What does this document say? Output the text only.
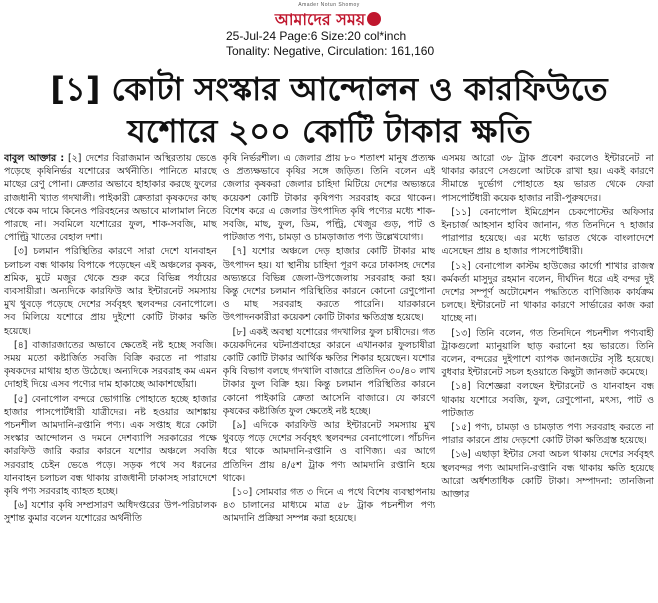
Amader Notun Shomoy
আমাদের সময়
25-Jul-24 Page:6 Size:20 col*inch
Tonality: Negative, Circulation: 161,160
[১] কোটা সংস্কার আন্দোলন ও কারফিউতে
যশোরে ২০০ কোটি টাকার ক্ষতি

বাবুল আক্তার : [২] দেশের বিরাজমান অস্থিরতায় ভেঙে পড়েছে কৃষিনির্ভর যশোরের অর্থনীতি। পানিতে মারছে মাছের রেণু পোনা। ক্রেতার অভাবে হাহাকার করছে ফুলের রাজধানী খ্যাত গদখালী। পাইকারী ক্রেতারা কৃষকদের কাছ থেকে কম দামে কিনেও পরিবহনের অভাবে মালামাল নিতে পারছে না। সবমিলে যশোরের ফুল, শাক-সবজি, মাছ পোল্ট্রি খাতের বেহাল দশা।

[৩] চলমান পরিস্থিতির কারণে সারা দেশে যানবাহন চলাচল বন্ধ থাকায় বিপাকে পড়েছেন এই অঞ্চলের কৃষক, শ্রমিক, মুটে মজুর থেকে শুরু করে বিভিন্ন পর্যায়ের ব্যবসায়ীরা। অন্যদিকে কারফিউ আর ইন্টারনেট সমস্যায় মুখ থুবড়ে পড়েছে দেশের সর্ববৃহৎ স্থলবন্দর বেনাপোলে। সব মিলিয়ে যশোরে প্রায় দুইশো কোটি টাকার ক্ষতি হয়েছে।

[৪] বাজারজাতের অভাবে ক্ষেতেই নষ্ট হচ্ছে সবজি। সময় মতো কষ্টার্জিত সবজি বিক্রি করতে না পারায় কৃষকদের মাথায় হাত উঠেছে। অন্যদিকে সরবরাহ কম এমন দোহাই দিয়ে এসব পণ্যের দাম হাকাচ্ছে আকাশছোঁয়া।

[৫] বেনাপোল বন্দরে ভোগান্তি পোহাতে হচ্ছে হাজার হাজার পাসপোর্টধারী যাত্রীদের। নষ্ট হওয়ার আশঙ্কায় পচনশীল আমদানি-রপ্তানি পণ্য। এক সপ্তাহ ধরে কোটা সংস্কার আন্দোলন ও দমনে দেশব্যাপি সরকারের পক্ষে কারফিউ জারি করার কারনে যশোর অঞ্চলে সবজি সরবরাহ চেইন ভেঙে পড়ে। সড়ক পথে সব ধরনের যানবাহন চলাচল বন্ধ থাকায় রাজধানী ঢাকাসহ সারাদেশে কৃষি পণ্য সরবরাহ ব্যাহত হচ্ছে।

[৬] যশোর কৃষি সম্প্রসারণ অধিদপ্তরের উপ-পরিচালক সুশান্ত কুমার বলেন যশোরের অর্থনীতি

কৃষি নির্ভরশীল। এ জেলার প্রায় ৮০ শতাংশ মানুষ প্রত্যক্ষ ও প্রত্যক্ষভাবে কৃষির সঙ্গে জড়িত। তিনি বলেন এই জেলার কৃষকরা জেলার চাহিদা মিটিয়ে দেশের অভ্যন্তরে কয়েকশ কোটি টাকার কৃষিপণ্য সরবরাহ করে থাকেন। বিশেষ করে এ জেলার উৎপাদিত কৃষি পণ্যের মধ্যে শাক-সবজি, মাছ, ফুল, ডিম, পল্ট্রি, খেজুর গুড়, পাট ও পাটজাত পণ্য, চামড়া ও চামড়াজাত পণ্য উল্লেখযোগ্য।

[৭] যশোর অঞ্চলে দেড় হাজার কোটি টাকার মাছ উৎপাদন হয়। যা স্থানীয় চাহিদা পূরণ করে ঢাকাসহ দেশের অভ্যন্তরে বিভিন্ন জেলা-উপজেলায় সরবরাহ করা হয়। কিন্তু দেশের চলমান পরিস্থিতির কারনে কোনো রেণুপোনা ও মাছ সরবরাহ করতে পারেনি। যারকারনে উৎপাদনকারীরা কয়েকশ কোটি টাকার ক্ষতিগ্রস্ত হয়েছে।

[৮] একই অবস্থা যশোরের গদখালির ফুল চাষীদের। গত কয়েকদিনের ঘটনাপ্রবাহের কারনে এখানকার ফুলচাষীরা কোটি কোটি টাকার আর্থিক ক্ষতির শিকার হয়েছেন। যশোর কৃষি বিভাগ বলছে গদখালি বাজারে প্রতিদিন ৩০/৪০ লাখ টাকার ফুল বিক্রি হয়। কিন্তু চলমান পরিস্থিতির কারনে কোনো পাইকারি ক্রেতা আসেনি বাজারে। যে কারণে কৃষকের কষ্টার্জিত ফুল ক্ষেতেই নষ্ট হচ্ছে।

[৯] এদিকে কারফিউ আর ইন্টারনেট সমস্যায় মুখ থুবড়ে পড়ে দেশের সর্ববৃহৎ স্থলবন্দর বেনাপোলে। পাঁচদিন ধরে থাকে আমদানি-রপ্তানি ও বাণিজ্য। এর আগে প্রতিদিন প্রায় ৪/৫শ ট্রাক পণ্য আমদানি রপ্তানি হয়ে থাকে।

[১০] সোমবার গত ৩ দিনে এ পথে বিশেষ ব্যবস্থাপনায় ৪৩ চালানের মাধ্যমে মাত্র ৫৮ ট্রাক পচনশীল পণ্য আমদানি প্রক্রিয়া সম্পন্ন করা হয়েছে।

এসময় আরো ৩৮ ট্রাক প্রবেশ করলেও ইন্টারনেট না থাকার কারণে সেগুলো আটকে রাখা হয়। একই কারণে সীমান্তে দুর্ভোগ পোহাতে হয় ভারত থেকে ফেরা পাসপোর্টধারী কয়েক হাজার নারী-পুরুষদের।

[১১] বেনাপোল ইমিগ্রেশন চেকপোস্টের অফিসার ইনচার্জ আহসান হাবিব জানান, গত তিনদিনে ৭ হাজার পারাপার হয়েছে। এর মধ্যে ভারত থেকে বাংলাদেশে এসেছেন প্রায় ৪ হাজার পাসপোর্টধারী।

[১২] বেনাপোল কাস্টম হাউজের কার্গো শাখার রাজস্ব কর্মকর্তা মাসুদুর রহমান বলেন, দীর্ঘদিন ধরে এই বন্দর দুই দেশের সম্পূর্ণ অটোমেশন পদ্ধতিতে বাণিজ্যিক কার্যক্রম চলছে। ইন্টারনেট না থাকার কারণে সার্ভারের কাজ করা যাচ্ছে না।

[১৩] তিনি বলেন, গত তিনদিনে পচনশীল পণ্যবাহী ট্রাকগুলো ম্যানুয়ালি ছাড় করানো হয় ভারতে। তিনি বলেন, বন্দরের দুইপাশে ব্যাপক জানজটের সৃষ্টি হয়েছে। বুধবার ইন্টারনেট সচল হওয়াতে কিছুটা জানজট কমেছে।

[১৪] বিশেজ্ঞরা বলছেন ইন্টারনেট ও যানবাহন বন্ধ থাকায় যশোরে সবজি, ফুল, রেণুপোনা, মৎস্য, পাট ও পাটজাত

[১৫] পণ্য, চামড়া ও চামড়াত পণ্য সরবরাহ করতে না পারার কারনে প্রায় দেড়শো কোটি টাকা ক্ষতিগ্রস্ত হয়েছে।

[১৬] এছাড়া ইন্টার সেবা অচল থাকায় দেশের সর্ববৃহৎ স্থলবন্দর পণ্য আমদানি-রপ্তানি বন্ধ থাকায় ক্ষতি হয়েছে আরো অর্ধশতাধিক কোটি টাকা। সম্পাদনা: তানজিনা আক্তার
